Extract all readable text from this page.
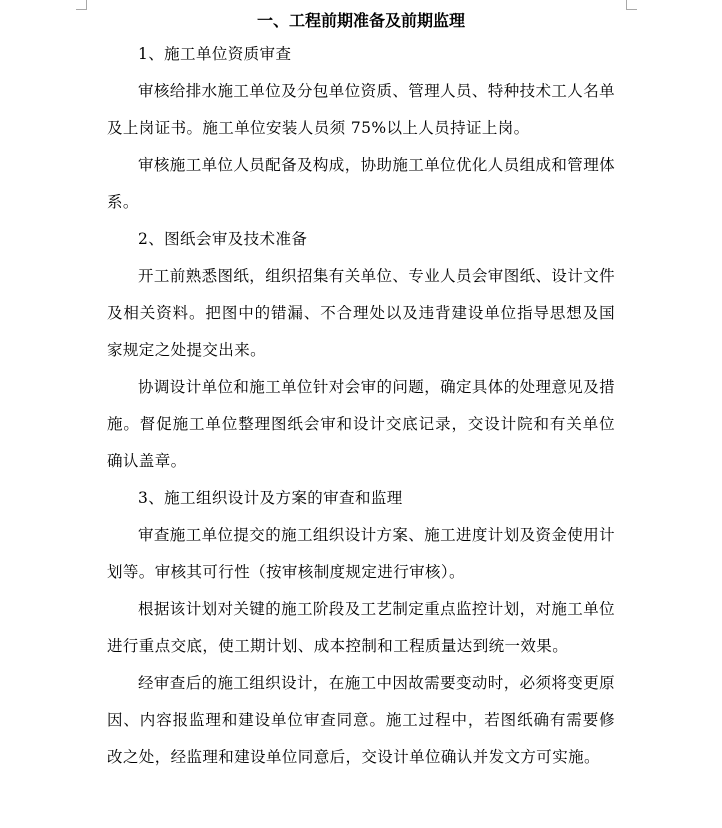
一、工程前期准备及前期监理

1、施工单位资质审查

审核给排水施工单位及分包单位资质、管理人员、特种技术工人名单及上岗证书。施工单位安装人员须 75%以上人员持证上岗。

审核施工单位人员配备及构成，协助施工单位优化人员组成和管理体系。

2、图纸会审及技术准备

开工前熟悉图纸，组织招集有关单位、专业人员会审图纸、设计文件及相关资料。把图中的错漏、不合理处以及违背建设单位指导思想及国家规定之处提交出来。

协调设计单位和施工单位针对会审的问题，确定具体的处理意见及措施。督促施工单位整理图纸会审和设计交底记录，交设计院和有关单位确认盖章。

3、施工组织设计及方案的审查和监理

审查施工单位提交的施工组织设计方案、施工进度计划及资金使用计划等。审核其可行性（按审核制度规定进行审核）。

根据该计划对关键的施工阶段及工艺制定重点监控计划，对施工单位进行重点交底，使工期计划、成本控制和工程质量达到统一效果。

经审查后的施工组织设计，在施工中因故需要变动时，必须将变更原因、内容报监理和建设单位审查同意。施工过程中，若图纸确有需要修改之处，经监理和建设单位同意后，交设计单位确认并发文方可实施。
